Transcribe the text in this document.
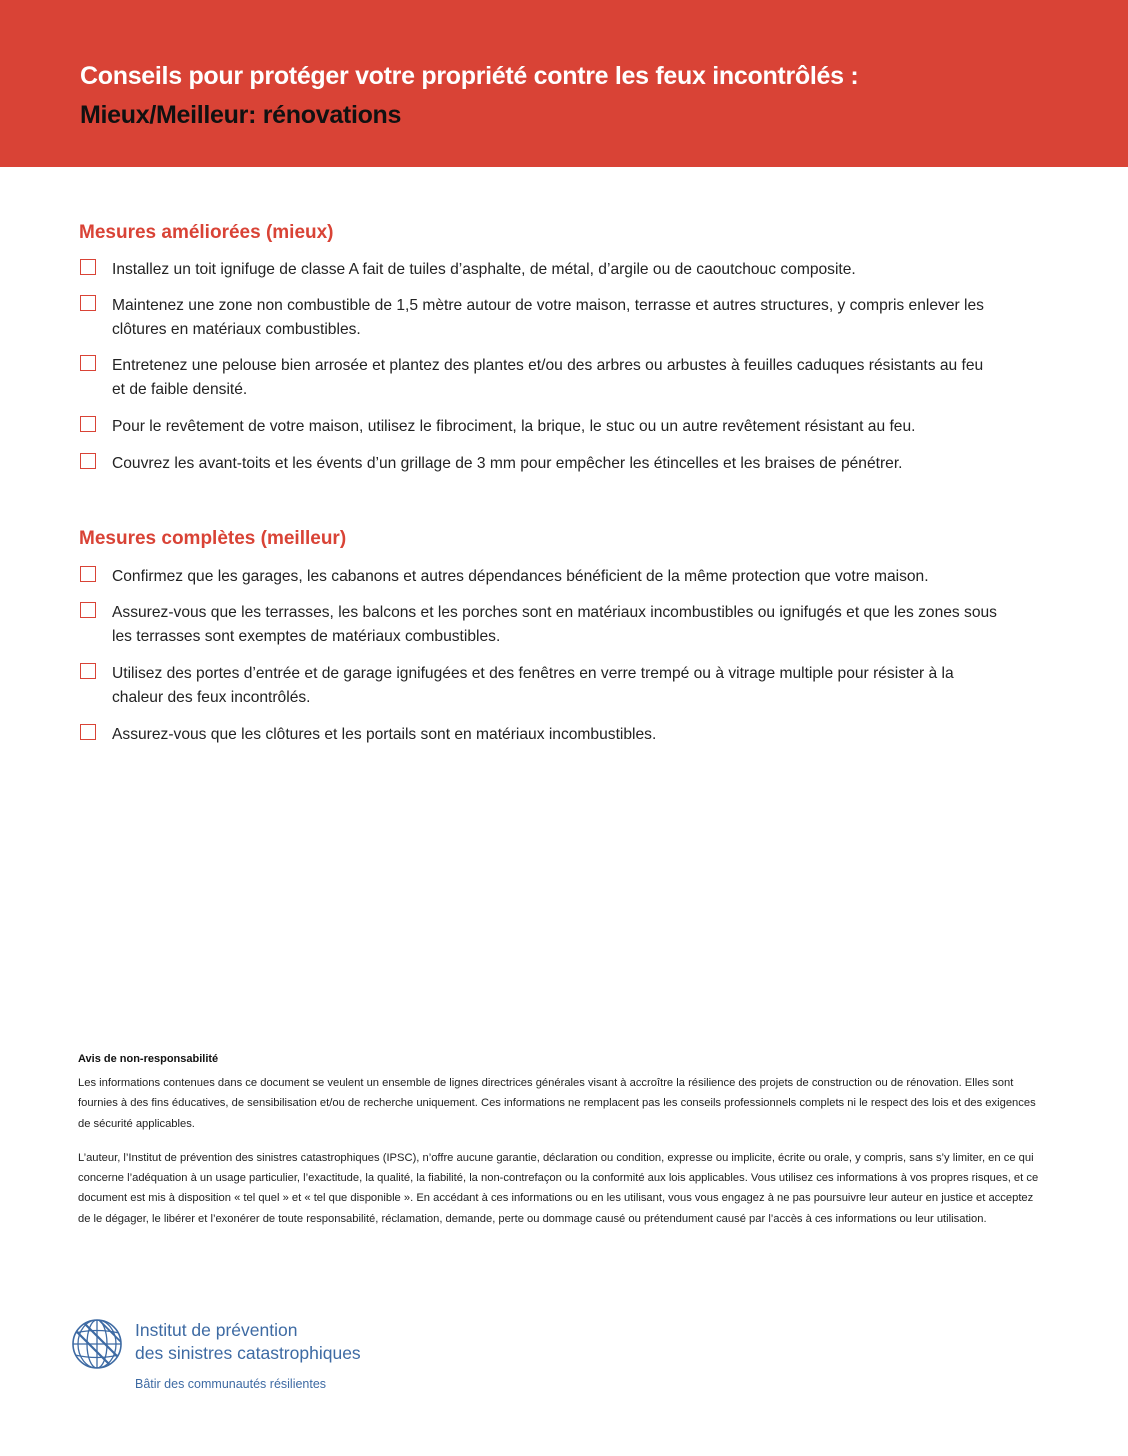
Conseils pour protéger votre propriété contre les feux incontrôlés :
Mieux/Meilleur: rénovations
Mesures améliorées (mieux)
Installez un toit ignifuge de classe A fait de tuiles d’asphalte, de métal, d’argile ou de caoutchouc composite.
Maintenez une zone non combustible de 1,5 mètre autour de votre maison, terrasse et autres structures, y compris enlever les clôtures en matériaux combustibles.
Entretenez une pelouse bien arrosée et plantez des plantes et/ou des arbres ou arbustes à feuilles caduques résistants au feu et de faible densité.
Pour le revêtement de votre maison, utilisez le fibrociment, la brique, le stuc ou un autre revêtement résistant au feu.
Couvrez les avant-toits et les évents d’un grillage de 3 mm pour empêcher les étincelles et les braises de pénétrer.
Mesures complètes (meilleur)
Confirmez que les garages, les cabanons et autres dépendances bénéficient de la même protection que votre maison.
Assurez-vous que les terrasses, les balcons et les porches sont en matériaux incombustibles ou ignifugés et que les zones sous les terrasses sont exemptes de matériaux combustibles.
Utilisez des portes d’entrée et de garage ignifugées et des fenêtres en verre trempé ou à vitrage multiple pour résister à la chaleur des feux incontrôlés.
Assurez-vous que les clôtures et les portails sont en matériaux incombustibles.

Avis de non-responsabilité

Les informations contenues dans ce document se veulent un ensemble de lignes directrices générales visant à accroître la résilience des projets de construction ou de rénovation. Elles sont fournies à des fins éducatives, de sensibilisation et/ou de recherche uniquement. Ces informations ne remplacent pas les conseils professionnels complets ni le respect des lois et des exigences de sécurité applicables.

L’auteur, l’Institut de prévention des sinistres catastrophiques (IPSC), n’offre aucune garantie, déclaration ou condition, expresse ou implicite, écrite ou orale, y compris, sans s’y limiter, en ce qui concerne l’adéquation à un usage particulier, l’exactitude, la qualité, la fiabilité, la non-contrefaçon ou la conformité aux lois applicables. Vous utilisez ces informations à vos propres risques, et ce document est mis à disposition « tel quel » et « tel que disponible ». En accédant à ces informations ou en les utilisant, vous vous engagez à ne pas poursuivre leur auteur en justice et acceptez de le dégager, le libérer et l’exonérer de toute responsabilité, réclamation, demande, perte ou dommage causé ou prétendument causé par l’accès à ces informations ou leur utilisation.

Institut de prévention
des sinistres catastrophiques
Bâtir des communautés résilientes
